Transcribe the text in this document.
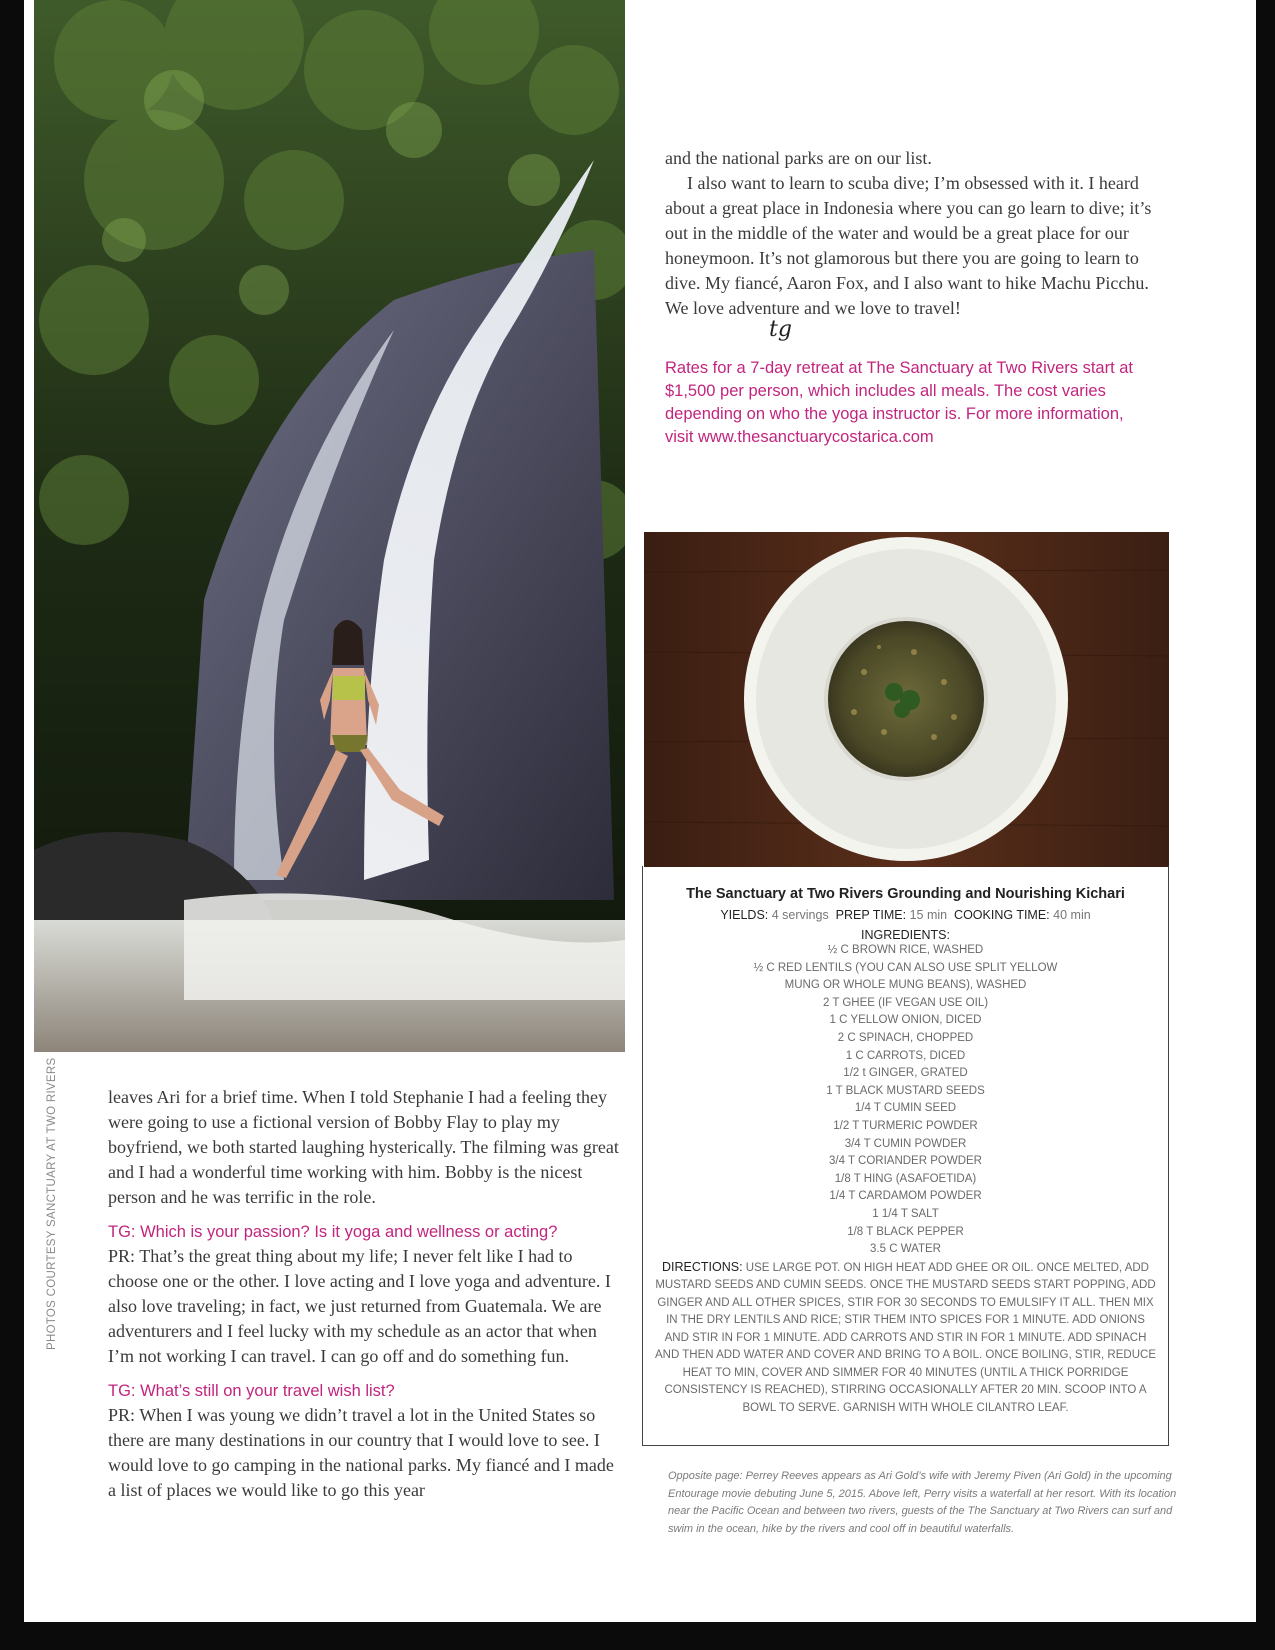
PHOTOS COURTESY SANCTUARY AT TWO RIVERS	leaves Ari for a brief time. When I told Stephanie I had a feeling they were going to use a fictional version of Bobby Flay to play my boyfriend, we both started laughing hysterically. The filming was great and I had a wonderful time working with him. Bobby is the nicest person and he was terrific in the role.

TG: Which is your passion? Is it yoga and wellness or acting?

PR: That’s the great thing about my life; I never felt like I had to choose one or the other. I love acting and I love yoga and adventure. I also love traveling; in fact, we just returned from Guatemala. We are adventurers and I feel lucky with my schedule as an actor that when I’m not working I can travel. I can go off and do something fun.

TG: What’s still on your travel wish list?

PR: When I was young we didn’t travel a lot in the United States so there are many destinations in our country that I would love to see. I would love to go camping in the national parks. My fiancé and I made a list of places we would like to go this year

and the national parks are on our list.

I also want to learn to scuba dive; I’m obsessed with it. I heard about a great place in Indonesia where you can go learn to dive; it’s out in the middle of the water and would be a great place for our honeymoon. It’s not glamorous but there you are going to learn to dive. My fiancé, Aaron Fox, and I also want to hike Machu Picchu. We love adventure and we love to travel!

tg

Rates for a 7-day retreat at The Sanctuary at Two Rivers start at $1,500 per person, which includes all meals. The cost varies depending on who the yoga instructor is. For more information, visit www.thesanctuarycostarica.com

The Sanctuary at Two Rivers Grounding and Nourishing Kichari
YIELDS: 4 servings PREP TIME: 15 min COOKING TIME: 40 min
INGREDIENTS:
½ C BROWN RICE, WASHED
½ C RED LENTILS (YOU CAN ALSO USE SPLIT YELLOW
MUNG OR WHOLE MUNG BEANS), WASHED
2 T GHEE (IF VEGAN USE OIL)
1 C YELLOW ONION, DICED
2 C SPINACH, CHOPPED
1 C CARROTS, DICED
1/2 t GINGER, GRATED
1 T BLACK MUSTARD SEEDS
1/4 T CUMIN SEED
1/2 T TURMERIC POWDER
3/4 T CUMIN POWDER
3/4 T CORIANDER POWDER
1/8 T HING (ASAFOETIDA)
1/4 T CARDAMOM POWDER
1 1/4 T SALT
1/8 T BLACK PEPPER
3.5 C WATER

DIRECTIONS: USE LARGE POT. ON HIGH HEAT ADD GHEE OR OIL. ONCE MELTED, ADD MUSTARD SEEDS AND CUMIN SEEDS. ONCE THE MUSTARD SEEDS START POPPING, ADD GINGER AND ALL OTHER SPICES, STIR FOR 30 SECONDS TO EMULSIFY IT ALL. THEN MIX IN THE DRY LENTILS AND RICE; STIR THEM INTO SPICES FOR 1 MINUTE. ADD ONIONS AND STIR IN FOR 1 MINUTE. ADD CARROTS AND STIR IN FOR 1 MINUTE. ADD SPINACH AND THEN ADD WATER AND COVER AND BRING TO A BOIL. ONCE BOILING, STIR, REDUCE HEAT TO MIN, COVER AND SIMMER FOR 40 MINUTES (UNTIL A THICK PORRIDGE CONSISTENCY IS REACHED), STIRRING OCCASIONALLY AFTER 20 MIN. SCOOP INTO A BOWL TO SERVE. GARNISH WITH WHOLE CILANTRO LEAF.

Opposite page: Perrey Reeves appears as Ari Gold’s wife with Jeremy Piven (Ari Gold) in the upcoming Entourage movie debuting June 5, 2015. Above left, Perry visits a waterfall at her resort. With its location near the Pacific Ocean and between two rivers, guests of the The Sanctuary at Two Rivers can surf and swim in the ocean, hike by the rivers and cool off in beautiful waterfalls.
